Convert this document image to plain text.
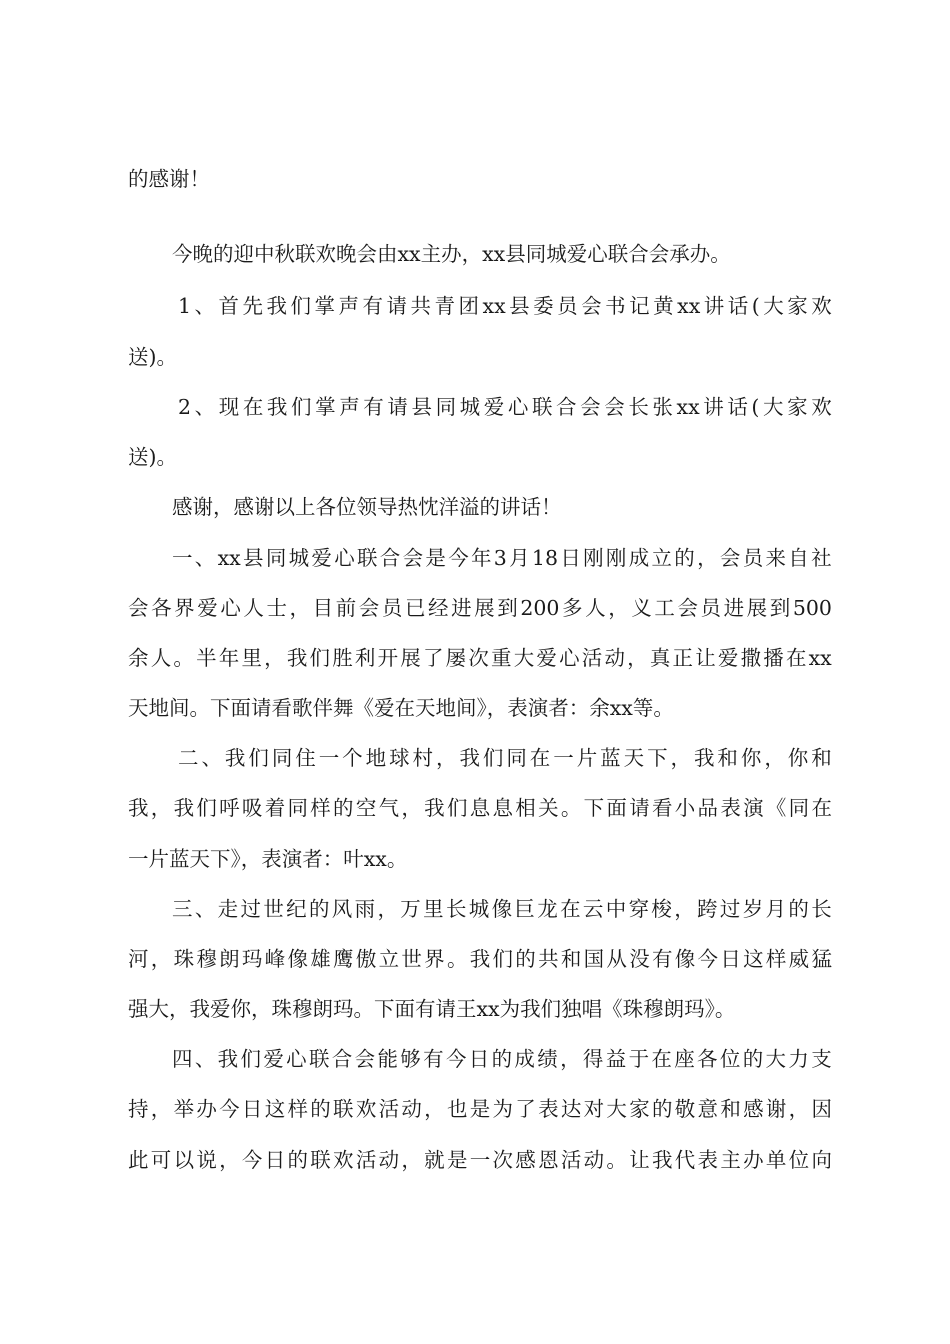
的感谢！
今晚的迎中秋联欢晚会由xx主办，xx县同城爱心联合会承办。
1 、 首 先 我 们 掌 声 有 请 共 青 团 xx 县 委 员 会 书 记 黄 xx 讲 话 ( 大 家 欢
送)。
2 、 现 在 我 们 掌 声 有 请 县 同 城 爱 心 联 合 会 会 长 张 xx 讲 话 ( 大 家 欢
送)。
感谢，感谢以上各位领导热忱洋溢的讲话！
一 、 xx 县 同 城 爱 心 联 合 会 是 今 年 3 月 18 日 刚 刚 成 立 的 ， 会 员 来 自 社
会 各 界 爱 心 人 士 ， 目 前 会 员 已 经 进 展 到 200 多 人 ， 义 工 会 员 进 展 到 500
余 人 。 半 年 里 ， 我 们 胜 利 开 展 了 屡 次 重 大 爱 心 活 动 ， 真 正 让 爱 撒 播 在 xx
天地间。下面请看歌伴舞《爱在天地间》，表演者：余xx等。
二 、 我 们 同 住 一 个 地 球 村 ， 我 们 同 在 一 片 蓝 天 下 ， 我 和 你 ， 你 和
我 ， 我 们 呼 吸 着 同 样 的 空 气 ， 我 们 息 息 相 关 。 下 面 请 看 小 品 表 演 《 同 在
一片蓝天下》，表演者：叶xx。
三 、 走 过 世 纪 的 风 雨 ， 万 里 长 城 像 巨 龙 在 云 中 穿 梭 ， 跨 过 岁 月 的 长
河 ， 珠 穆 朗 玛 峰 像 雄 鹰 傲 立 世 界 。 我 们 的 共 和 国 从 没 有 像 今 日 这 样 威 猛
强大，我爱你，珠穆朗玛。下面有请王xx为我们独唱《珠穆朗玛》。
四 、 我 们 爱 心 联 合 会 能 够 有 今 日 的 成 绩 ， 得 益 于 在 座 各 位 的 大 力 支
持 ， 举 办 今 日 这 样 的 联 欢 活 动 ， 也 是 为 了 表 达 对 大 家 的 敬 意 和 感 谢 ， 因
此 可 以 说 ， 今 日 的 联 欢 活 动 ， 就 是 一 次 感 恩 活 动 。 让 我 代 表 主 办 单 位 向
